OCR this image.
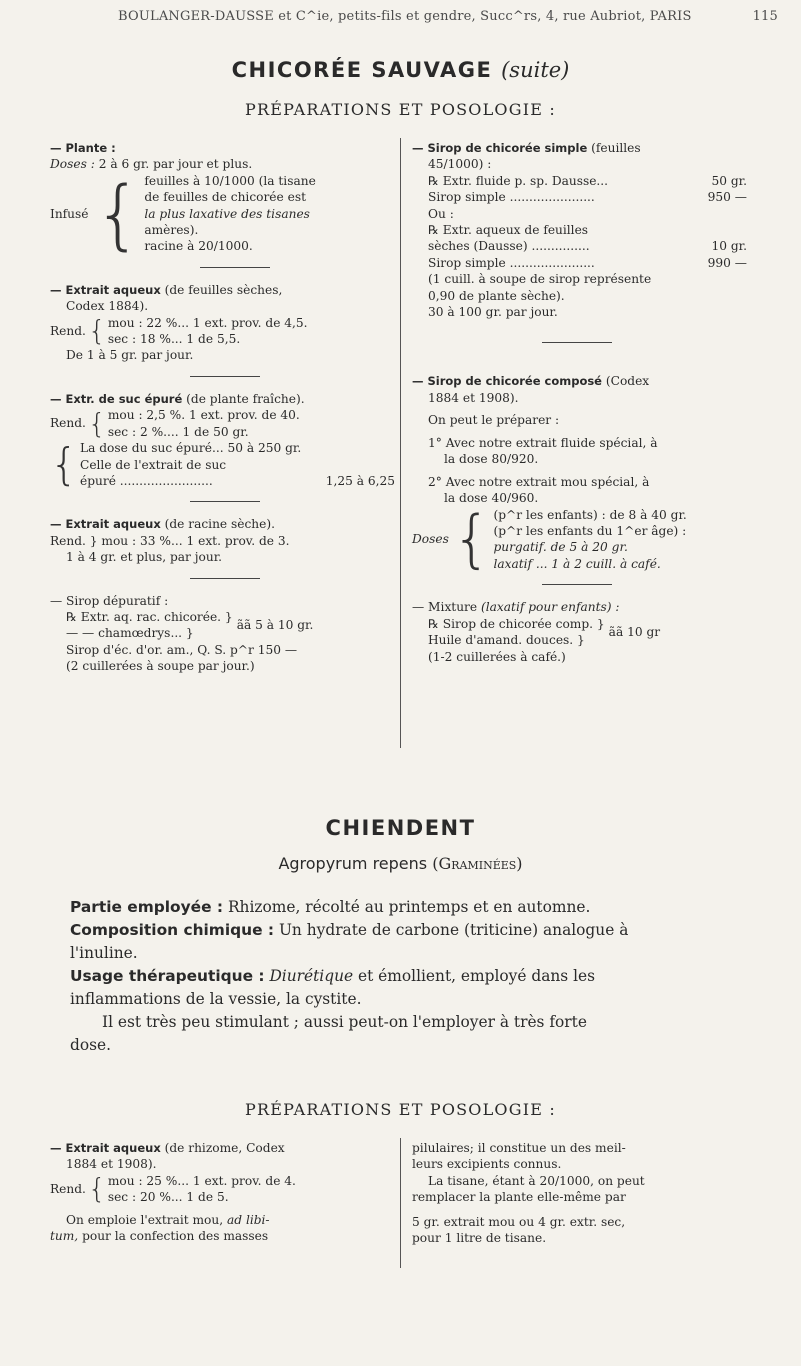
BOULANGER-DAUSSE et C^ie, petits-fils et gendre, Succ^rs, 4, rue Aubriot, PARIS	115
CHICORÉE SAUVAGE (suite)
PRÉPARATIONS ET POSOLOGIE :

— Plante :

Doses : 2 à 6 gr. par jour et plus.

Infusé { feuilles à 10/1000 (la tisane

de feuilles de chicorée est

la plus laxative des tisanes

amères).

racine à 20/1000.

— Extrait aqueux (de feuilles sèches,

Codex 1884).

Rend. { mou : 22 %... 1 ext. prov. de 4,5.

sec : 18 %... 1 de 5,5.

De 1 à 5 gr. par jour.

— Extr. de suc épuré (de plante fraîche).

Rend. { mou : 2,5 %. 1 ext. prov. de 40.

sec : 2 %.... 1 de 50 gr.

{ La dose du suc épuré... 50 à 250 gr.

Celle de l'extrait de suc

épuré ........................	1,25 à 6,25

— Extrait aqueux (de racine sèche).

Rend. } mou : 33 %... 1 ext. prov. de 3.

1 à 4 gr. et plus, par jour.

— Sirop dépuratif :

℞ Extr. aq. rac. chicorée. }

— — chamœdrys... }

ãã 5 à 10 gr.

Sirop d'éc. d'or. am., Q. S. p^r 150 —

(2 cuillerées à soupe par jour.)

— Sirop de chicorée simple (feuilles

45/1000) :

℞ Extr. fluide p. sp. Dausse...	50 gr.

Sirop simple ......................	950 —

Ou :

℞ Extr. aqueux de feuilles

sèches (Dausse) ...............	10 gr.

Sirop simple ......................	990 —

(1 cuill. à soupe de sirop représente

0,90 de plante sèche).

30 à 100 gr. par jour.

— Sirop de chicorée composé (Codex

1884 et 1908).

On peut le préparer :

1° Avec notre extrait fluide spécial, à

la dose 80/920.

2° Avec notre extrait mou spécial, à

la dose 40/960.

Doses { (p^r les enfants) : de 8 à 40 gr.

(p^r les enfants du 1^er âge) :

purgatif. de 5 à 20 gr.

laxatif ... 1 à 2 cuill. à café.

— Mixture (laxatif pour enfants) :

℞ Sirop de chicorée comp. }

Huile d'amand. douces. }

ãã 10 gr

(1-2 cuillerées à café.)

CHIENDENT
Agropyrum repens (Graminées)

Partie employée : Rhizome, récolté au printemps et en automne.

Composition chimique : Un hydrate de carbone (triticine) analogue à

l'inuline.

Usage thérapeutique : Diurétique et émollient, employé dans les

inflammations de la vessie, la cystite.

Il est très peu stimulant ; aussi peut-on l'employer à très forte

dose.

PRÉPARATIONS ET POSOLOGIE :

— Extrait aqueux (de rhizome, Codex

1884 et 1908).

Rend. { mou : 25 %... 1 ext. prov. de 4.

sec : 20 %... 1 de 5.

On emploie l'extrait mou, ad libi-

tum, pour la confection des masses

pilulaires; il constitue un des meil-

leurs excipients connus.

La tisane, étant à 20/1000, on peut

remplacer la plante elle-même par

5 gr. extrait mou ou 4 gr. extr. sec,

pour 1 litre de tisane.
